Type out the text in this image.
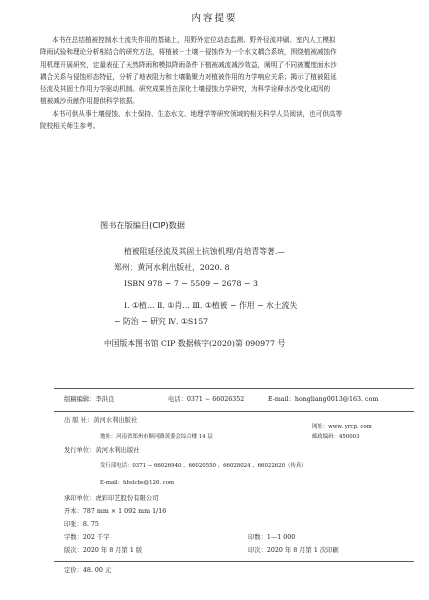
内容提要
本书在总结植被控制水土流失作用的基础上，用野外定位动态监测、野外径流冲刷、室内人工模拟
降雨试验和理论分析相结合的研究方法，将植被－土壤－侵蚀作为一个水文耦合系统，围绕植被减蚀作
用机理开展研究，定量表征了天然降雨和模拟降雨条件下植被减流减沙效益，阐明了不同被覆度面水沙
耦合关系与侵蚀形态特征，分析了地表阻力和土壤黏聚力对植被作用的力学响应关系；揭示了植被阻延
径流及其固土作用力学驱动机制。研究成果旨在深化土壤侵蚀力学研究，为科学诠释水沙变化成因的
植被减沙贡献作用提供科学依据。
本书可供从事土壤侵蚀、水土保持、生态水文、地理学等研究领域的相关科学人员阅读，也可供高等
院校相关师生参考。
图书在版编目(CIP)数据
植被阻延径流及其固土抗蚀机理/肖培青等著.—
郑州：黄河水利出版社，2020. 8
ISBN 978 − 7 − 5509 − 2678 − 3
Ⅰ. ①植… Ⅱ. ①肖… Ⅲ. ①植被 − 作用 − 水土流失
− 防治 − 研究 Ⅳ. ①S157
中国版本图书馆 CIP 数据核字(2020)第 090977 号
组稿编辑：李洪良	电话：0371 − 66026352	E-mail：hongliang0013@163. com
出 版 社：黄河水利出版社
网址：www. yrcp. com
地址：河南省郑州市顺河路黄委会综合楼 14 层	邮政编码：450003
发行单位：黄河水利出版社
发行部电话：0371 − 66026940 、66020550 、66028024 、66022620（传真）
E-mail：hhslcbs@126. com
承印单位：虎彩印艺股份有限公司
开本：787 mm × 1 092 mm 1/16
印张：8. 75
字数：202 千字	印数：1—1 000
版次：2020 年 8 月第 1 版	印次：2020 年 8 月第 1 次印刷
定价：48. 00 元
